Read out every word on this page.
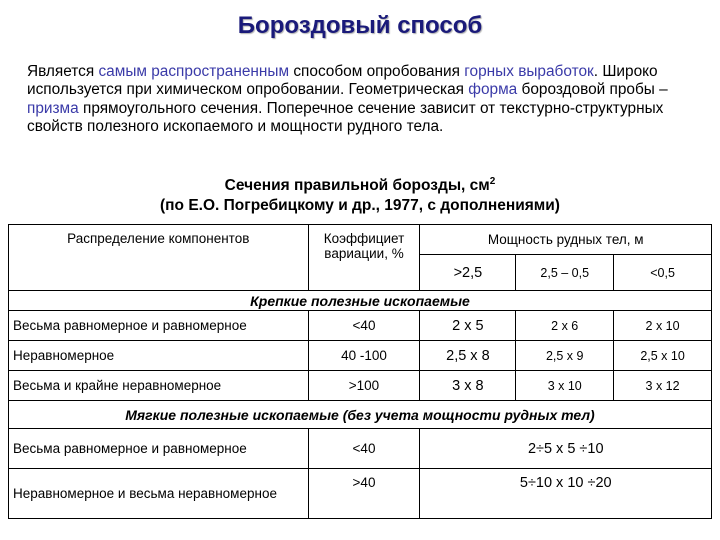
Бороздовый способ
Является самым распространенным способом опробования горных выработок. Широко используется при химическом опробовании. Геометрическая форма бороздовой пробы – призма прямоугольного сечения. Поперечное сечение зависит от текстурно-структурных свойств полезного ископаемого и мощности рудного тела.
Сечения правильной борозды, $см^2$
(по Е.О. Погребицкому и др., 1977, с дополнениями)
Распределение компонентов	Коэффициет вариации, %	Мощность рудных тел, м		
		>2,5	2,5 – 0,5	<0,5
Крепкие полезные ископаемые				
Весьма равномерное и равномерное	<40	2 x 5	2 x 6	2 x 10
Неравномерное	40 -100	2,5 x 8	2,5 x 9	2,5 x 10
Весьма и крайне неравномерное	>100	3 x 8	3 x 10	3 x 12
Мягкие полезные ископаемые (без учета мощности рудных тел)				
Весьма равномерное и равномерное	<40	2÷5 x 5 ÷10		
Неравномерное и весьма неравномерное	>40	5÷10 x 10 ÷20		
